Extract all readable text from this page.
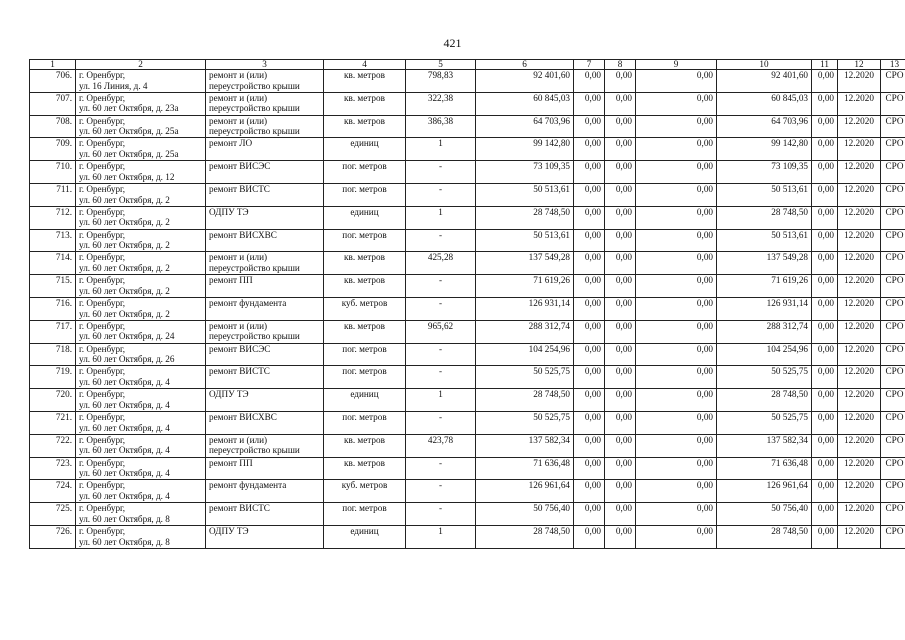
421
1	2	3	4	5	6	7	8	9	10	11	12	13
706.	г. Оренбург,
ул. 16 Линия, д. 4	ремонт и (или)
переустройство крыши	кв. метров	798,83	92 401,60	0,00	0,00	0,00	92 401,60	0,00	12.2020	СРО
707.	г. Оренбург,
ул. 60 лет Октября, д. 23а	ремонт и (или)
переустройство крыши	кв. метров	322,38	60 845,03	0,00	0,00	0,00	60 845,03	0,00	12.2020	СРО
708.	г. Оренбург,
ул. 60 лет Октября, д. 25а	ремонт и (или)
переустройство крыши	кв. метров	386,38	64 703,96	0,00	0,00	0,00	64 703,96	0,00	12.2020	СРО
709.	г. Оренбург,
ул. 60 лет Октября, д. 25а	ремонт ЛО	единиц	1	99 142,80	0,00	0,00	0,00	99 142,80	0,00	12.2020	СРО
710.	г. Оренбург,
ул. 60 лет Октября, д. 12	ремонт ВИСЭС	пог. метров	-	73 109,35	0,00	0,00	0,00	73 109,35	0,00	12.2020	СРО
711.	г. Оренбург,
ул. 60 лет Октября, д. 2	ремонт ВИСТС	пог. метров	-	50 513,61	0,00	0,00	0,00	50 513,61	0,00	12.2020	СРО
712.	г. Оренбург,
ул. 60 лет Октября, д. 2	ОДПУ ТЭ	единиц	1	28 748,50	0,00	0,00	0,00	28 748,50	0,00	12.2020	СРО
713.	г. Оренбург,
ул. 60 лет Октября, д. 2	ремонт ВИСХВС	пог. метров	-	50 513,61	0,00	0,00	0,00	50 513,61	0,00	12.2020	СРО
714.	г. Оренбург,
ул. 60 лет Октября, д. 2	ремонт и (или)
переустройство крыши	кв. метров	425,28	137 549,28	0,00	0,00	0,00	137 549,28	0,00	12.2020	СРО
715.	г. Оренбург,
ул. 60 лет Октября, д. 2	ремонт ПП	кв. метров	-	71 619,26	0,00	0,00	0,00	71 619,26	0,00	12.2020	СРО
716.	г. Оренбург,
ул. 60 лет Октября, д. 2	ремонт фундамента	куб. метров	-	126 931,14	0,00	0,00	0,00	126 931,14	0,00	12.2020	СРО
717.	г. Оренбург,
ул. 60 лет Октября, д. 24	ремонт и (или)
переустройство крыши	кв. метров	965,62	288 312,74	0,00	0,00	0,00	288 312,74	0,00	12.2020	СРО
718.	г. Оренбург,
ул. 60 лет Октября, д. 26	ремонт ВИСЭС	пог. метров	-	104 254,96	0,00	0,00	0,00	104 254,96	0,00	12.2020	СРО
719.	г. Оренбург,
ул. 60 лет Октября, д. 4	ремонт ВИСТС	пог. метров	-	50 525,75	0,00	0,00	0,00	50 525,75	0,00	12.2020	СРО
720.	г. Оренбург,
ул. 60 лет Октября, д. 4	ОДПУ ТЭ	единиц	1	28 748,50	0,00	0,00	0,00	28 748,50	0,00	12.2020	СРО
721.	г. Оренбург,
ул. 60 лет Октября, д. 4	ремонт ВИСХВС	пог. метров	-	50 525,75	0,00	0,00	0,00	50 525,75	0,00	12.2020	СРО
722.	г. Оренбург,
ул. 60 лет Октября, д. 4	ремонт и (или)
переустройство крыши	кв. метров	423,78	137 582,34	0,00	0,00	0,00	137 582,34	0,00	12.2020	СРО
723.	г. Оренбург,
ул. 60 лет Октября, д. 4	ремонт ПП	кв. метров	-	71 636,48	0,00	0,00	0,00	71 636,48	0,00	12.2020	СРО
724.	г. Оренбург,
ул. 60 лет Октября, д. 4	ремонт фундамента	куб. метров	-	126 961,64	0,00	0,00	0,00	126 961,64	0,00	12.2020	СРО
725.	г. Оренбург,
ул. 60 лет Октября, д. 8	ремонт ВИСТС	пог. метров	-	50 756,40	0,00	0,00	0,00	50 756,40	0,00	12.2020	СРО
726.	г. Оренбург,
ул. 60 лет Октября, д. 8	ОДПУ ТЭ	единиц	1	28 748,50	0,00	0,00	0,00	28 748,50	0,00	12.2020	СРО
